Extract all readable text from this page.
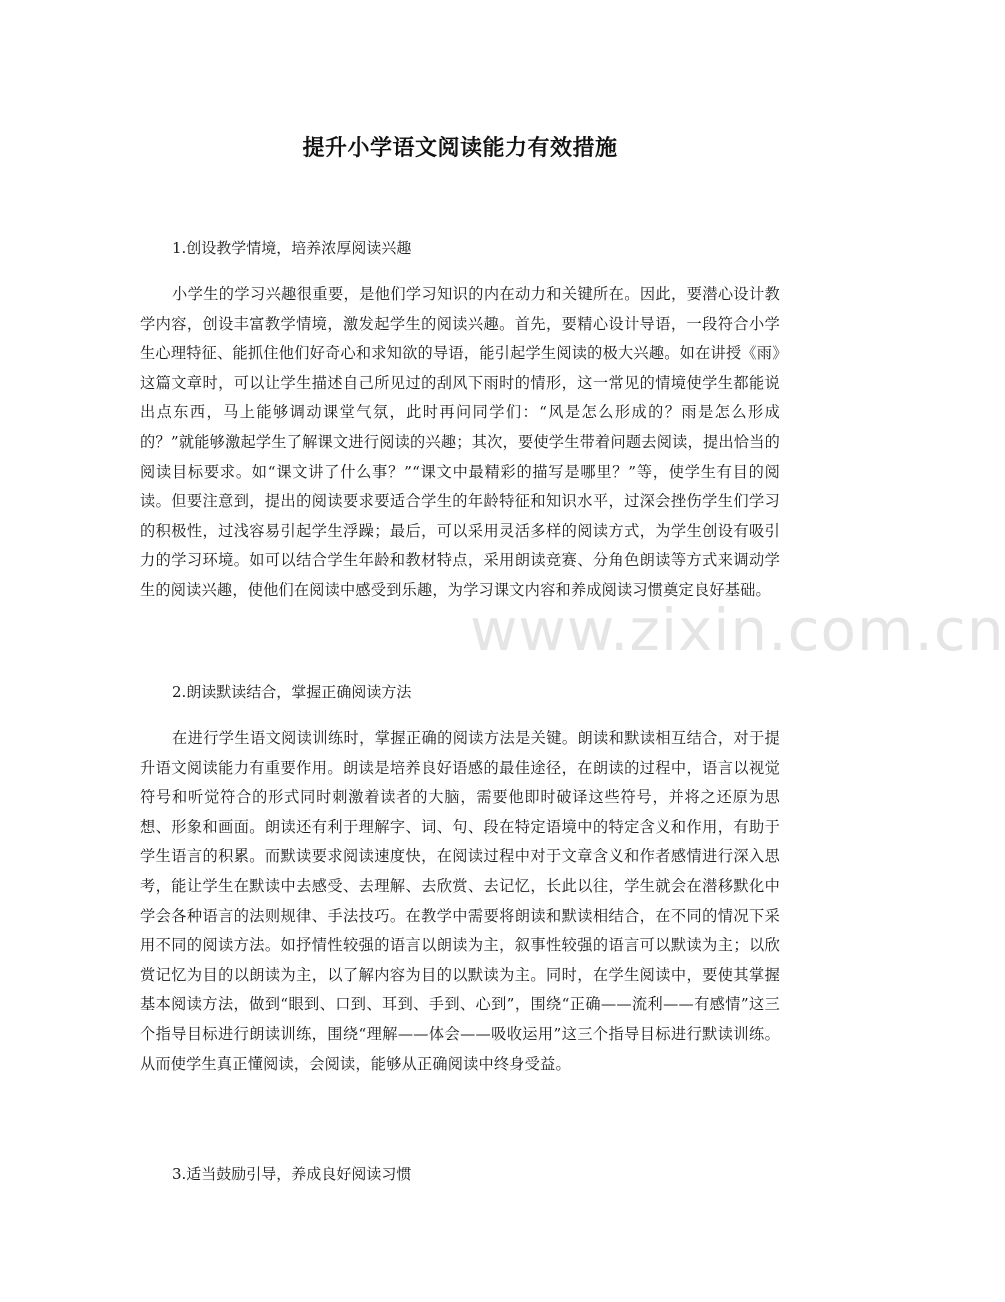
提升小学语文阅读能力有效措施
1.创设教学情境，培养浓厚阅读兴趣

小学生的学习兴趣很重要，是他们学习知识的内在动力和关键所在。因此，要潜心设计教学内容，创设丰富教学情境，激发起学生的阅读兴趣。首先，要精心设计导语，一段符合小学生心理特征、能抓住他们好奇心和求知欲的导语，能引起学生阅读的极大兴趣。如在讲授《雨》这篇文章时，可以让学生描述自己所见过的刮风下雨时的情形，这一常见的情境使学生都能说出点东西，马上能够调动课堂气氛，此时再问同学们：“风是怎么形成的？雨是怎么形成的？”就能够激起学生了解课文进行阅读的兴趣；其次，要使学生带着问题去阅读，提出恰当的阅读目标要求。如“课文讲了什么事？”“课文中最精彩的描写是哪里？”等，使学生有目的阅读。但要注意到，提出的阅读要求要适合学生的年龄特征和知识水平，过深会挫伤学生们学习的积极性，过浅容易引起学生浮躁；最后，可以采用灵活多样的阅读方式，为学生创设有吸引力的学习环境。如可以结合学生年龄和教材特点，采用朗读竞赛、分角色朗读等方式来调动学生的阅读兴趣，使他们在阅读中感受到乐趣，为学习课文内容和养成阅读习惯奠定良好基础。

2.朗读默读结合，掌握正确阅读方法

在进行学生语文阅读训练时，掌握正确的阅读方法是关键。朗读和默读相互结合，对于提升语文阅读能力有重要作用。朗读是培养良好语感的最佳途径，在朗读的过程中，语言以视觉符号和听觉符合的形式同时刺激着读者的大脑，需要他即时破译这些符号，并将之还原为思想、形象和画面。朗读还有利于理解字、词、句、段在特定语境中的特定含义和作用，有助于学生语言的积累。而默读要求阅读速度快，在阅读过程中对于文章含义和作者感情进行深入思考，能让学生在默读中去感受、去理解、去欣赏、去记忆，长此以往，学生就会在潜移默化中学会各种语言的法则规律、手法技巧。在教学中需要将朗读和默读相结合，在不同的情况下采用不同的阅读方法。如抒情性较强的语言以朗读为主，叙事性较强的语言可以默读为主；以欣赏记忆为目的以朗读为主，以了解内容为目的以默读为主。同时，在学生阅读中，要使其掌握基本阅读方法，做到“眼到、口到、耳到、手到、心到”，围绕“正确——流利——有感情”这三个指导目标进行朗读训练，围绕“理解——体会——吸收运用”这三个指导目标进行默读训练。从而使学生真正懂阅读，会阅读，能够从正确阅读中终身受益。

3.适当鼓励引导，养成良好阅读习惯
www.zixin.com.cn
